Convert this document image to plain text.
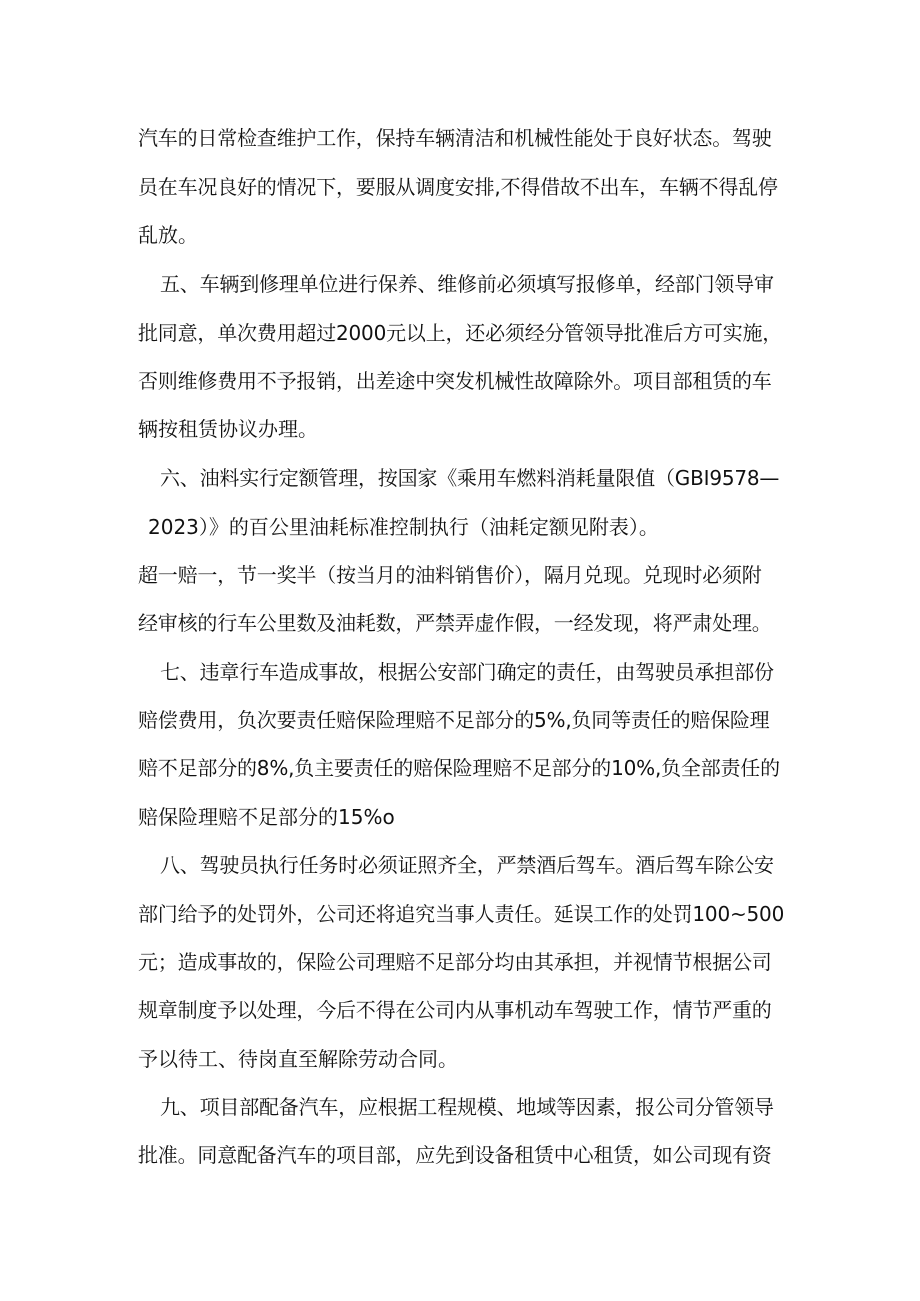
汽车的日常检查维护工作，保持车辆清洁和机械性能处于良好状态。驾驶
员在车况良好的情况下，要服从调度安排,不得借故不出车，车辆不得乱停
乱放。
五、车辆到修理单位进行保养、维修前必须填写报修单，经部门领导审
批同意，单次费用超过2000元以上，还必须经分管领导批准后方可实施，
否则维修费用不予报销，出差途中突发机械性故障除外。项目部租赁的车
辆按租赁协议办理。
六、油料实行定额管理，按国家《乘用车燃料消耗量限值（GBI9578—
2023）》的百公里油耗标准控制执行（油耗定额见附表）。
超一赔一，节一奖半（按当月的油料销售价），隔月兑现。兑现时必须附
经审核的行车公里数及油耗数，严禁弄虚作假，一经发现，将严肃处理。
七、违章行车造成事故，根据公安部门确定的责任，由驾驶员承担部份
赔偿费用，负次要责任赔保险理赔不足部分的5%,负同等责任的赔保险理
赔不足部分的8%,负主要责任的赔保险理赔不足部分的10%,负全部责任的
赔保险理赔不足部分的15%o
八、驾驶员执行任务时必须证照齐全，严禁酒后驾车。酒后驾车除公安
部门给予的处罚外，公司还将追究当事人责任。延误工作的处罚100~500
元；造成事故的，保险公司理赔不足部分均由其承担，并视情节根据公司
规章制度予以处理，今后不得在公司内从事机动车驾驶工作，情节严重的
予以待工、待岗直至解除劳动合同。
九、项目部配备汽车，应根据工程规模、地域等因素，报公司分管领导
批准。同意配备汽车的项目部，应先到设备租赁中心租赁，如公司现有资
